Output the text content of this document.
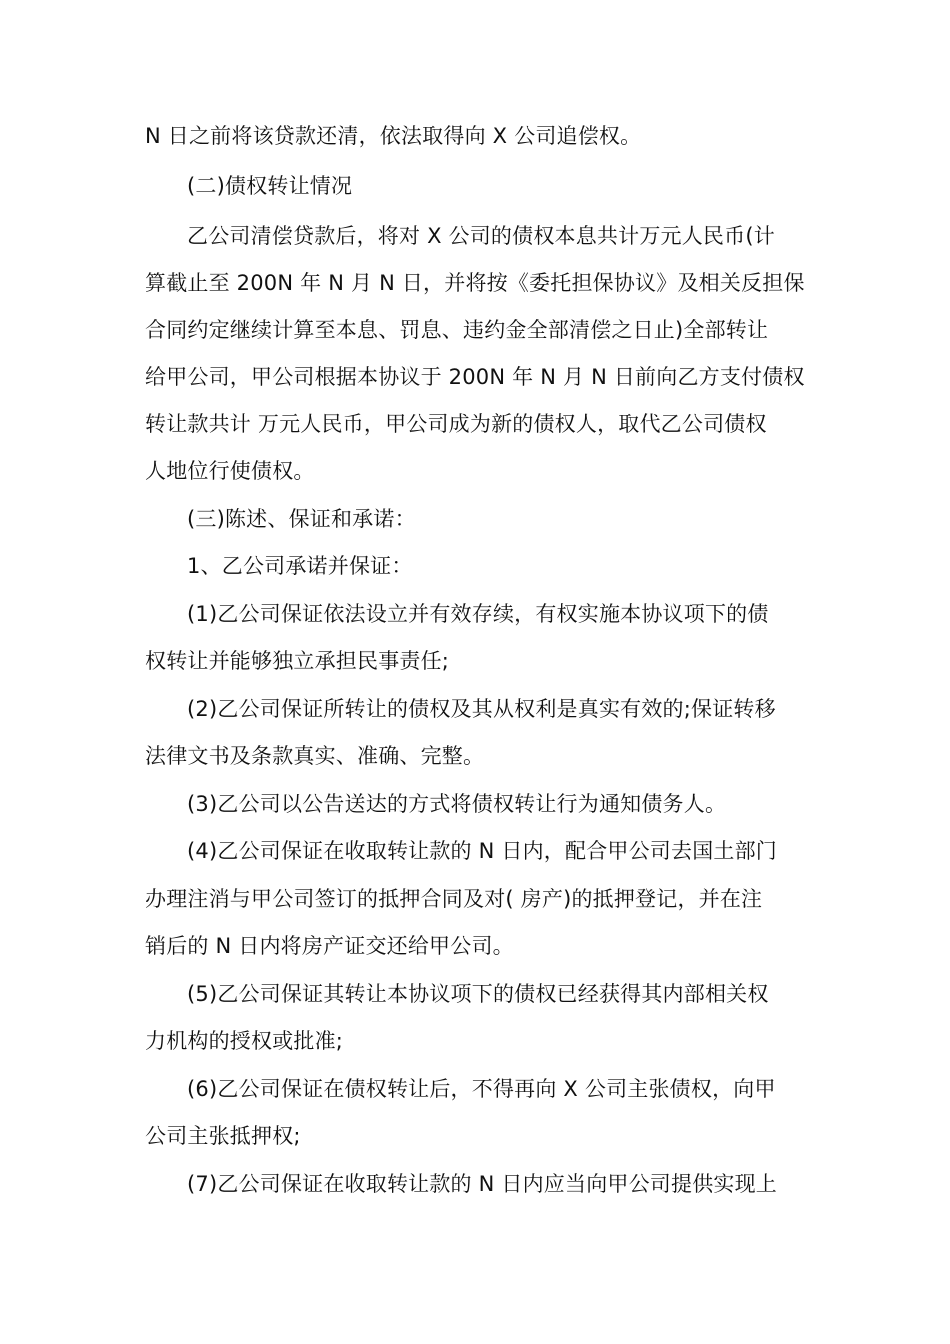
N 日之前将该贷款还清，依法取得向 X 公司追偿权。
(二)债权转让情况
乙公司清偿贷款后，将对 X 公司的债权本息共计万元人民币(计
算截止至 200N 年 N 月 N 日，并将按《委托担保协议》及相关反担保
合同约定继续计算至本息、罚息、违约金全部清偿之日止)全部转让
给甲公司，甲公司根据本协议于 200N 年 N 月 N 日前向乙方支付债权
转让款共计 万元人民币，甲公司成为新的债权人，取代乙公司债权
人地位行使债权。
(三)陈述、保证和承诺：
1、乙公司承诺并保证：
(1)乙公司保证依法设立并有效存续，有权实施本协议项下的债
权转让并能够独立承担民事责任;
(2)乙公司保证所转让的债权及其从权利是真实有效的;保证转移
法律文书及条款真实、准确、完整。
(3)乙公司以公告送达的方式将债权转让行为通知债务人。
(4)乙公司保证在收取转让款的 N 日内，配合甲公司去国土部门
办理注消与甲公司签订的抵押合同及对( 房产)的抵押登记，并在注
销后的 N 日内将房产证交还给甲公司。
(5)乙公司保证其转让本协议项下的债权已经获得其内部相关权
力机构的授权或批准;
(6)乙公司保证在债权转让后，不得再向 X 公司主张债权，向甲
公司主张抵押权;
(7)乙公司保证在收取转让款的 N 日内应当向甲公司提供实现上
